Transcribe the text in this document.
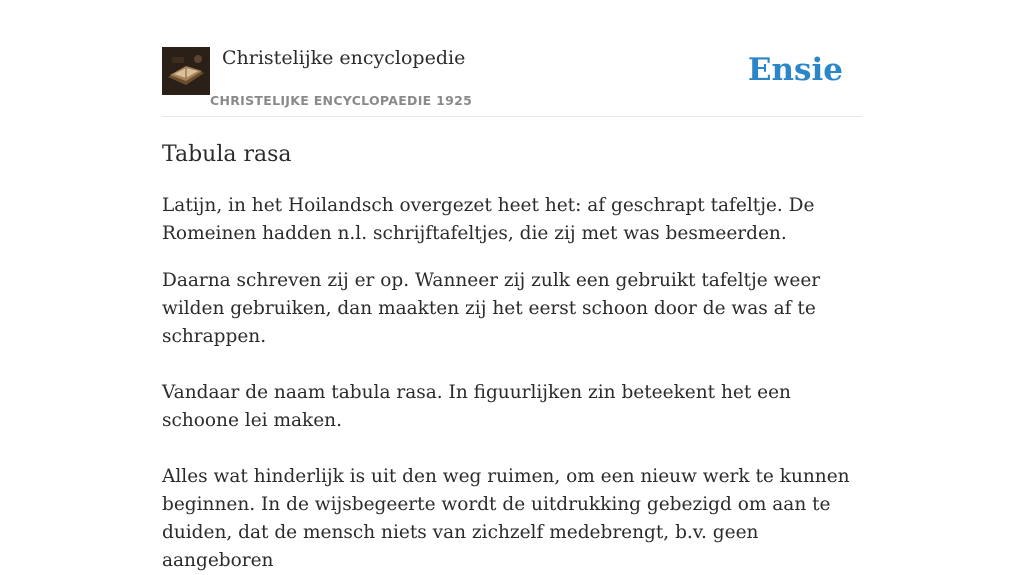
Christelijke encyclopedie
CHRISTELIJKE ENCYCLOPAEDIE 1925
Ensie
Tabula rasa

Latijn, in het Hoilandsch overgezet heet het: af geschrapt tafeltje. De Romeinen hadden n.l. schrijftafeltjes, die zij met was besmeerden.

Daarna schreven zij er op. Wanneer zij zulk een gebruikt tafeltje weer wilden gebruiken, dan maakten zij het eerst schoon door de was af te schrappen.

Vandaar de naam tabula rasa. In figuurlijken zin beteekent het een schoone lei maken.

Alles wat hinderlijk is uit den weg ruimen, om een nieuw werk te kunnen beginnen. In de wijsbegeerte wordt de uitdrukking gebezigd om aan te duiden, dat de mensch niets van zichzelf medebrengt, b.v. geen aangeboren
